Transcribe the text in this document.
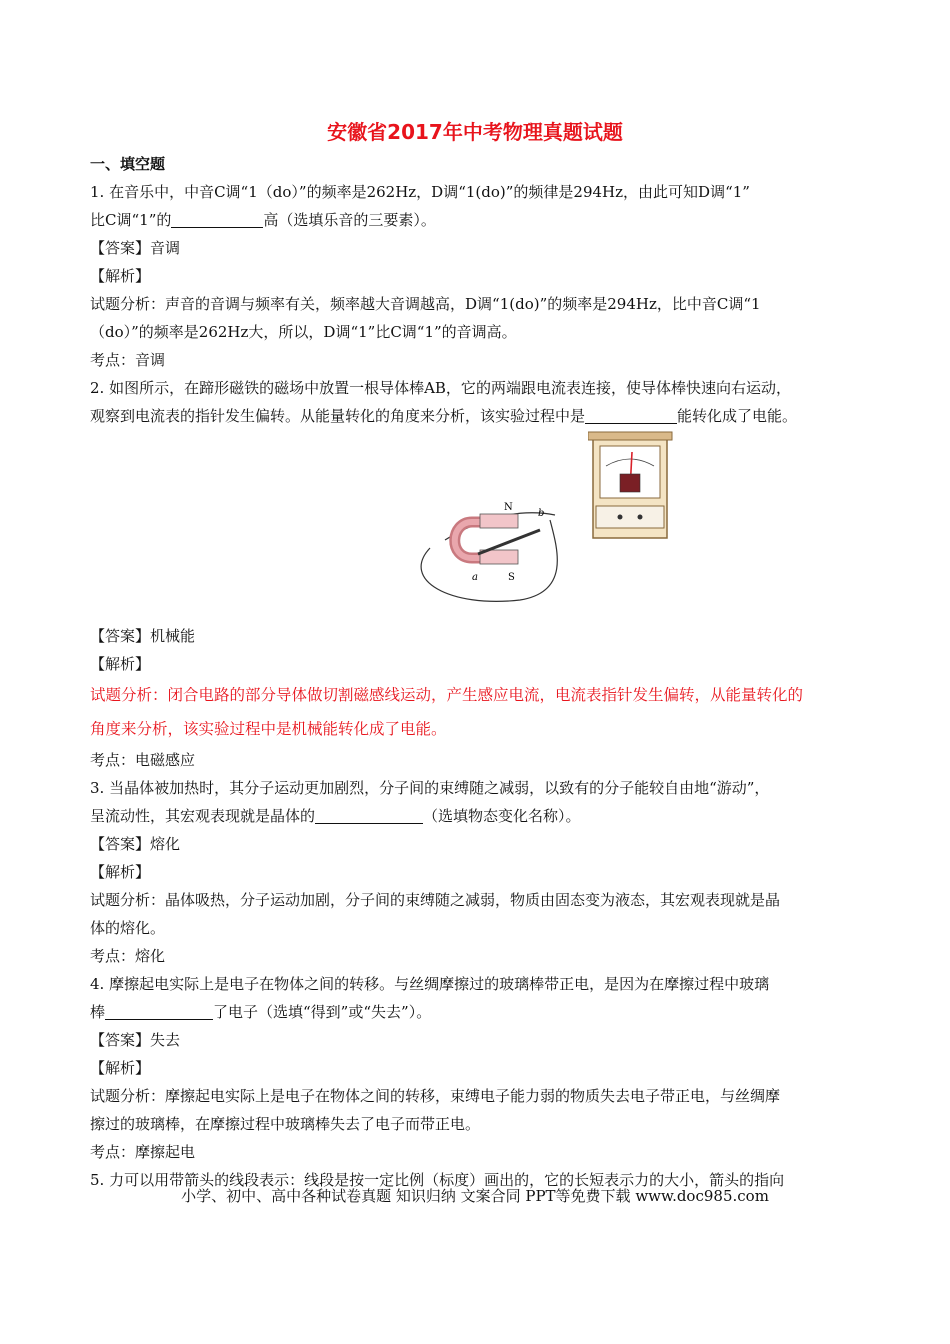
安徽省2017年中考物理真题试题
一、填空题
1. 在音乐中，中音C调“1（do）”的频率是262Hz，D调“1(do)”的频律是294Hz，由此可知D调“1”
比C调“1”的	高（选填乐音的三要素）。
【答案】音调
【解析】
试题分析：声音的音调与频率有关，频率越大音调越高，D调“1(do)”的频率是294Hz，比中音C调“1
（do）”的频率是262Hz大，所以，D调“1”比C调“1”的音调高。
考点：音调
2. 如图所示，在蹄形磁铁的磁场中放置一根导体棒AB，它的两端跟电流表连接，使导体棒快速向右运动，
观察到电流表的指针发生偏转。从能量转化的角度来分析，该实验过程中是	能转化成了电能。
N
S
a
b
【答案】机械能
【解析】
试题分析：闭合电路的部分导体做切割磁感线运动，产生感应电流，电流表指针发生偏转，从能量转化的
角度来分析，该实验过程中是机械能转化成了电能。
考点：电磁感应
3. 当晶体被加热时，其分子运动更加剧烈，分子间的束缚随之减弱，以致有的分子能较自由地“游动”，
呈流动性，其宏观表现就是晶体的	（选填物态变化名称）。
【答案】熔化
【解析】
试题分析：晶体吸热，分子运动加剧，分子间的束缚随之减弱，物质由固态变为液态，其宏观表现就是晶
体的熔化。
考点：熔化
4. 摩擦起电实际上是电子在物体之间的转移。与丝绸摩擦过的玻璃棒带正电，是因为在摩擦过程中玻璃
棒	了电子（选填“得到”或“失去”）。
【答案】失去
【解析】
试题分析：摩擦起电实际上是电子在物体之间的转移，束缚电子能力弱的物质失去电子带正电，与丝绸摩
擦过的玻璃棒，在摩擦过程中玻璃棒失去了电子而带正电。
考点：摩擦起电
5. 力可以用带箭头的线段表示：线段是按一定比例（标度）画出的，它的长短表示力的大小，箭头的指向
小学、初中、高中各种试卷真题 知识归纳 文案合同 PPT等免费下载 www.doc985.com
